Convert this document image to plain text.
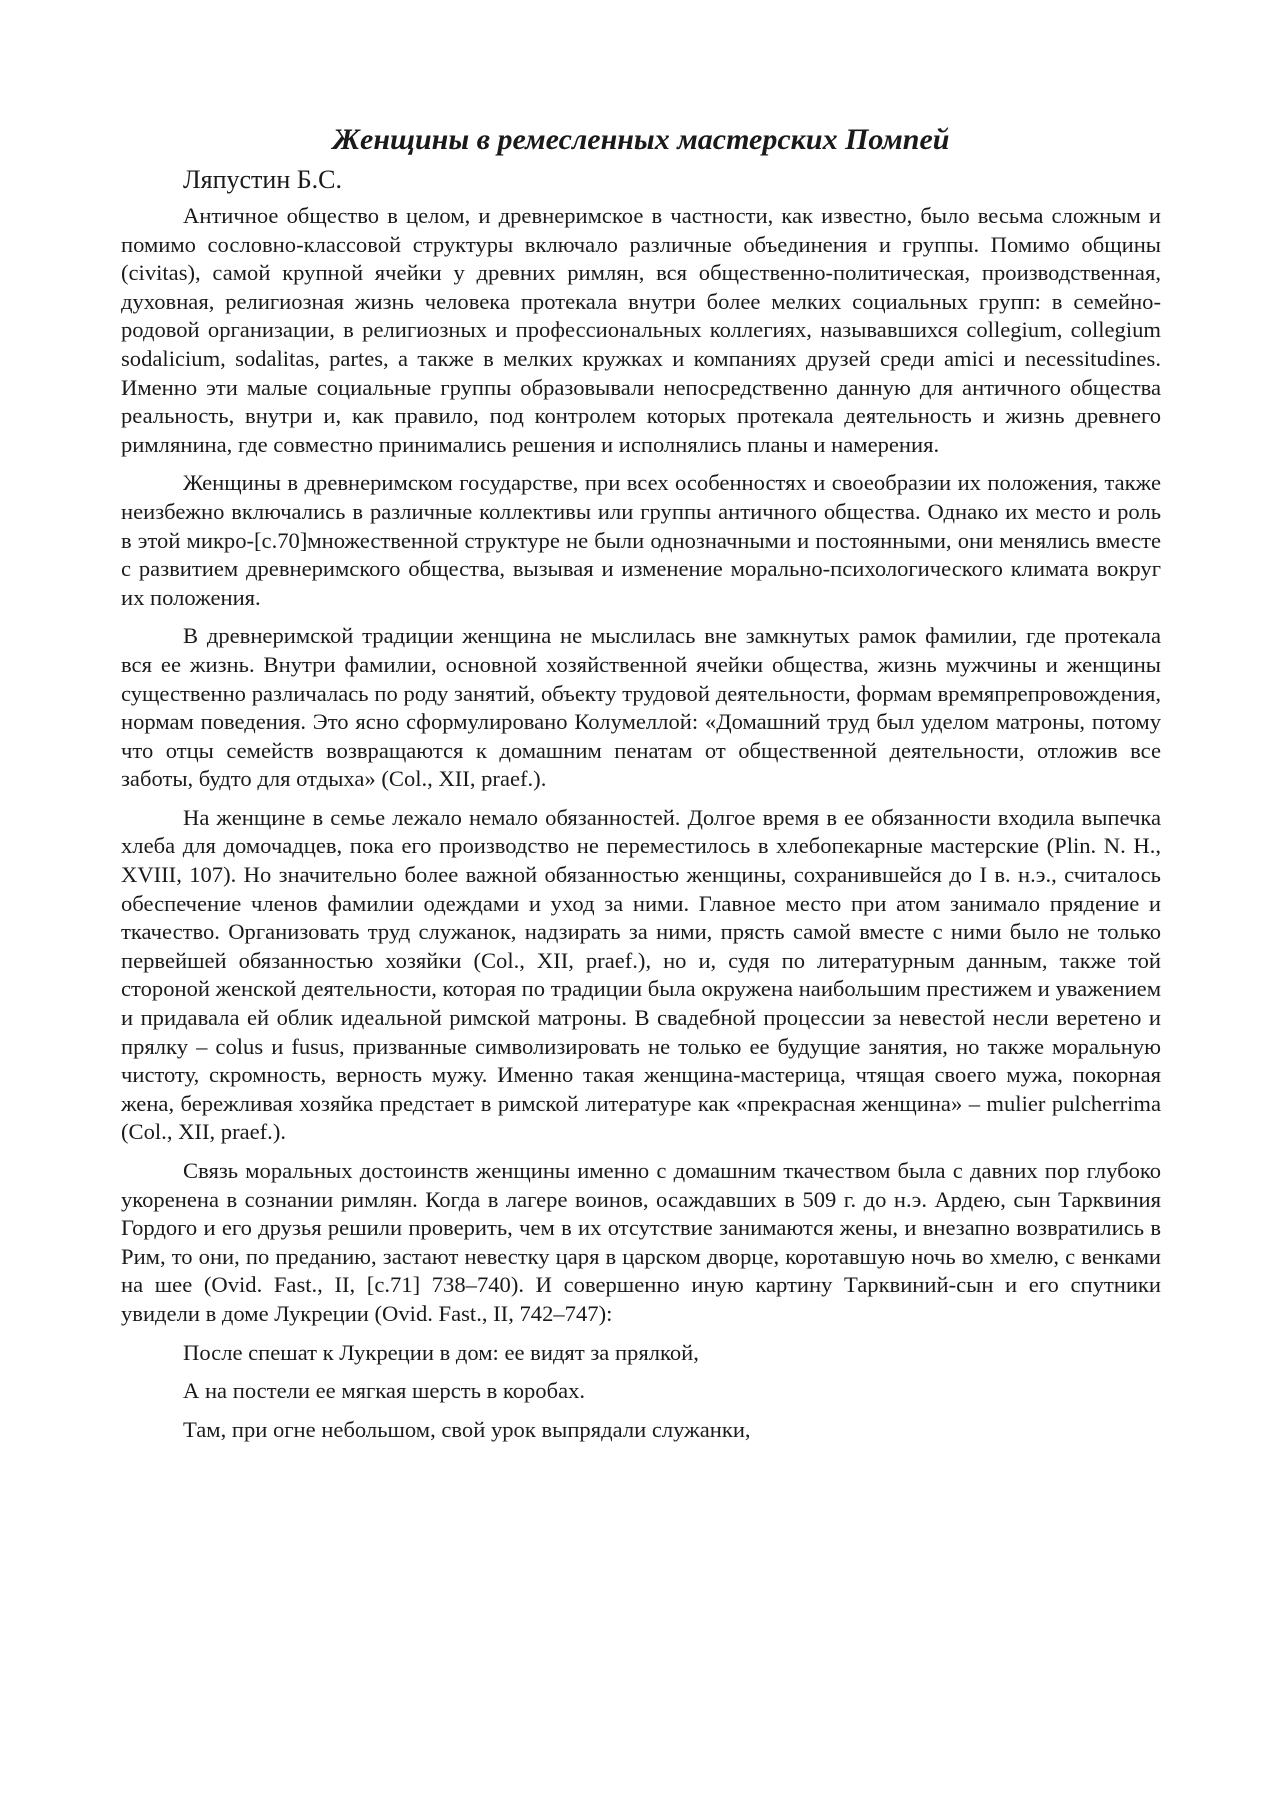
Женщины в ремесленных мастерских Помпей

Ляпустин Б.С.

Античное общество в целом, и древнеримское в частности, как известно, было весьма сложным и помимо сословно-классовой структуры включало различные объединения и группы. Помимо общины (civitas), самой крупной ячейки у древних римлян, вся общественно-политическая, производственная, духовная, религиозная жизнь человека протекала внутри более мелких социальных групп: в семейно-родовой организации, в религиозных и профессиональных коллегиях, называвшихся collegium, collegium sodalicium, sodalitas, partes, а также в мелких кружках и компаниях друзей среди amici и necessitudines. Именно эти малые социальные группы образовывали непосредственно данную для античного общества реальность, внутри и, как правило, под контролем которых протекала деятельность и жизнь древнего римлянина, где совместно принимались решения и исполнялись планы и намерения.

Женщины в древнеримском государстве, при всех особенностях и своеобразии их положения, также неизбежно включались в различные коллективы или группы античного общества. Однако их место и роль в этой микро-[с.70]множественной структуре не были однозначными и постоянными, они менялись вместе с развитием древнеримского общества, вызывая и изменение морально-психологического климата вокруг их положения.

В древнеримской традиции женщина не мыслилась вне замкнутых рамок фамилии, где протекала вся ее жизнь. Внутри фамилии, основной хозяйственной ячейки общества, жизнь мужчины и женщины существенно различалась по роду занятий, объекту трудовой деятельности, формам времяпрепровождения, нормам поведения. Это ясно сформулировано Колумеллой: «Домашний труд был уделом матроны, потому что отцы семейств возвращаются к домашним пенатам от общественной деятельности, отложив все заботы, будто для отдыха» (Col., XII, praef.).

На женщине в семье лежало немало обязанностей. Долгое время в ее обязанности входила выпечка хлеба для домочадцев, пока его производство не переместилось в хлебопекарные мастерские (Plin. N. H., XVIII, 107). Но значительно более важной обязанностью женщины, сохранившейся до I в. н.э., считалось обеспечение членов фамилии одеждами и уход за ними. Главное место при атом занимало прядение и ткачество. Организовать труд служанок, надзирать за ними, прясть самой вместе с ними было не только первейшей обязанностью хозяйки (Col., XII, praef.), но и, судя по литературным данным, также той стороной женской деятельности, которая по традиции была окружена наибольшим престижем и уважением и придавала ей облик идеальной римской матроны. В свадебной процессии за невестой несли веретено и прялку – colus и fusus, призванные символизировать не только ее будущие занятия, но также моральную чистоту, скромность, верность мужу. Именно такая женщина-мастерица, чтящая своего мужа, покорная жена, бережливая хозяйка предстает в римской литературе как «прекрасная женщина» – mulier pulcherrima (Col., XII, praef.).

Связь моральных достоинств женщины именно с домашним ткачеством была с давних пор глубоко укоренена в сознании римлян. Когда в лагере воинов, осаждавших в 509 г. до н.э. Ардею, сын Тарквиния Гордого и его друзья решили проверить, чем в их отсутствие занимаются жены, и внезапно возвратились в Рим, то они, по преданию, застают невестку царя в царском дворце, коротавшую ночь во хмелю, с венками на шее (Ovid. Fast., II, [с.71] 738–740). И совершенно иную картину Тарквиний-сын и его спутники увидели в доме Лукреции (Ovid. Fast., II, 742–747):

После спешат к Лукреции в дом: ее видят за прялкой,

А на постели ее мягкая шерсть в коробах.

Там, при огне небольшом, свой урок выпрядали служанки,
